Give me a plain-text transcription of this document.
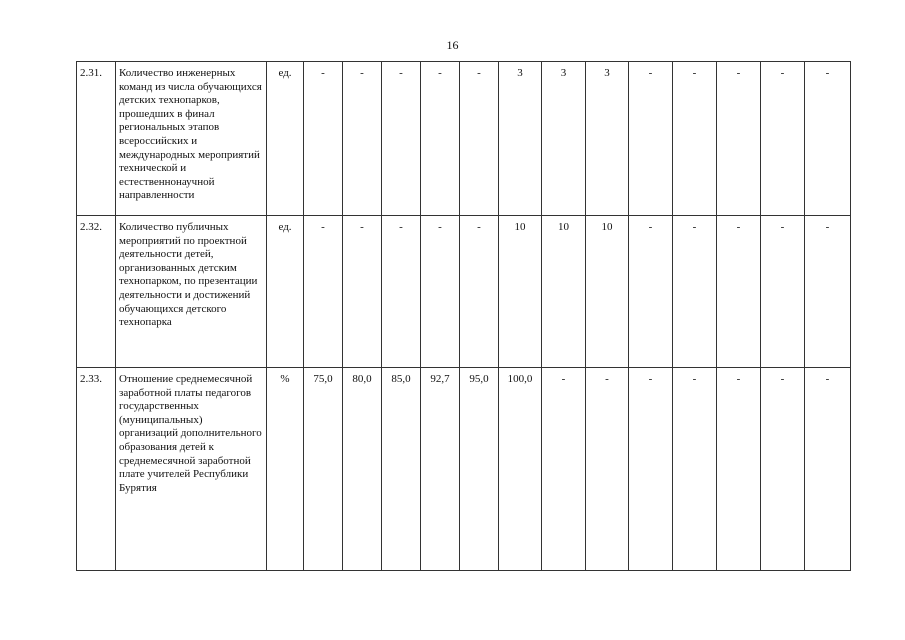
16
2.31.	Количество инженерных команд из числа обучающихся детских технопарков, прошедших в финал региональных этапов всероссийских и международных мероприятий технической и естественнонаучной направленности	ед.	-	-	-	-	-	3	3	3	-	-	-	-	-
2.32.	Количество публичных мероприятий по проектной деятельности детей, организованных детским технопарком, по презентации деятельности и достижений обучающихся детского технопарка	ед.	-	-	-	-	-	10	10	10	-	-	-	-	-
2.33.	Отношение среднемесячной заработной платы педагогов государственных (муниципальных) организаций дополнительного образования детей к среднемесячной заработной плате учителей Республики Бурятия	%	75,0	80,0	85,0	92,7	95,0	100,0	-	-	-	-	-	-	-
